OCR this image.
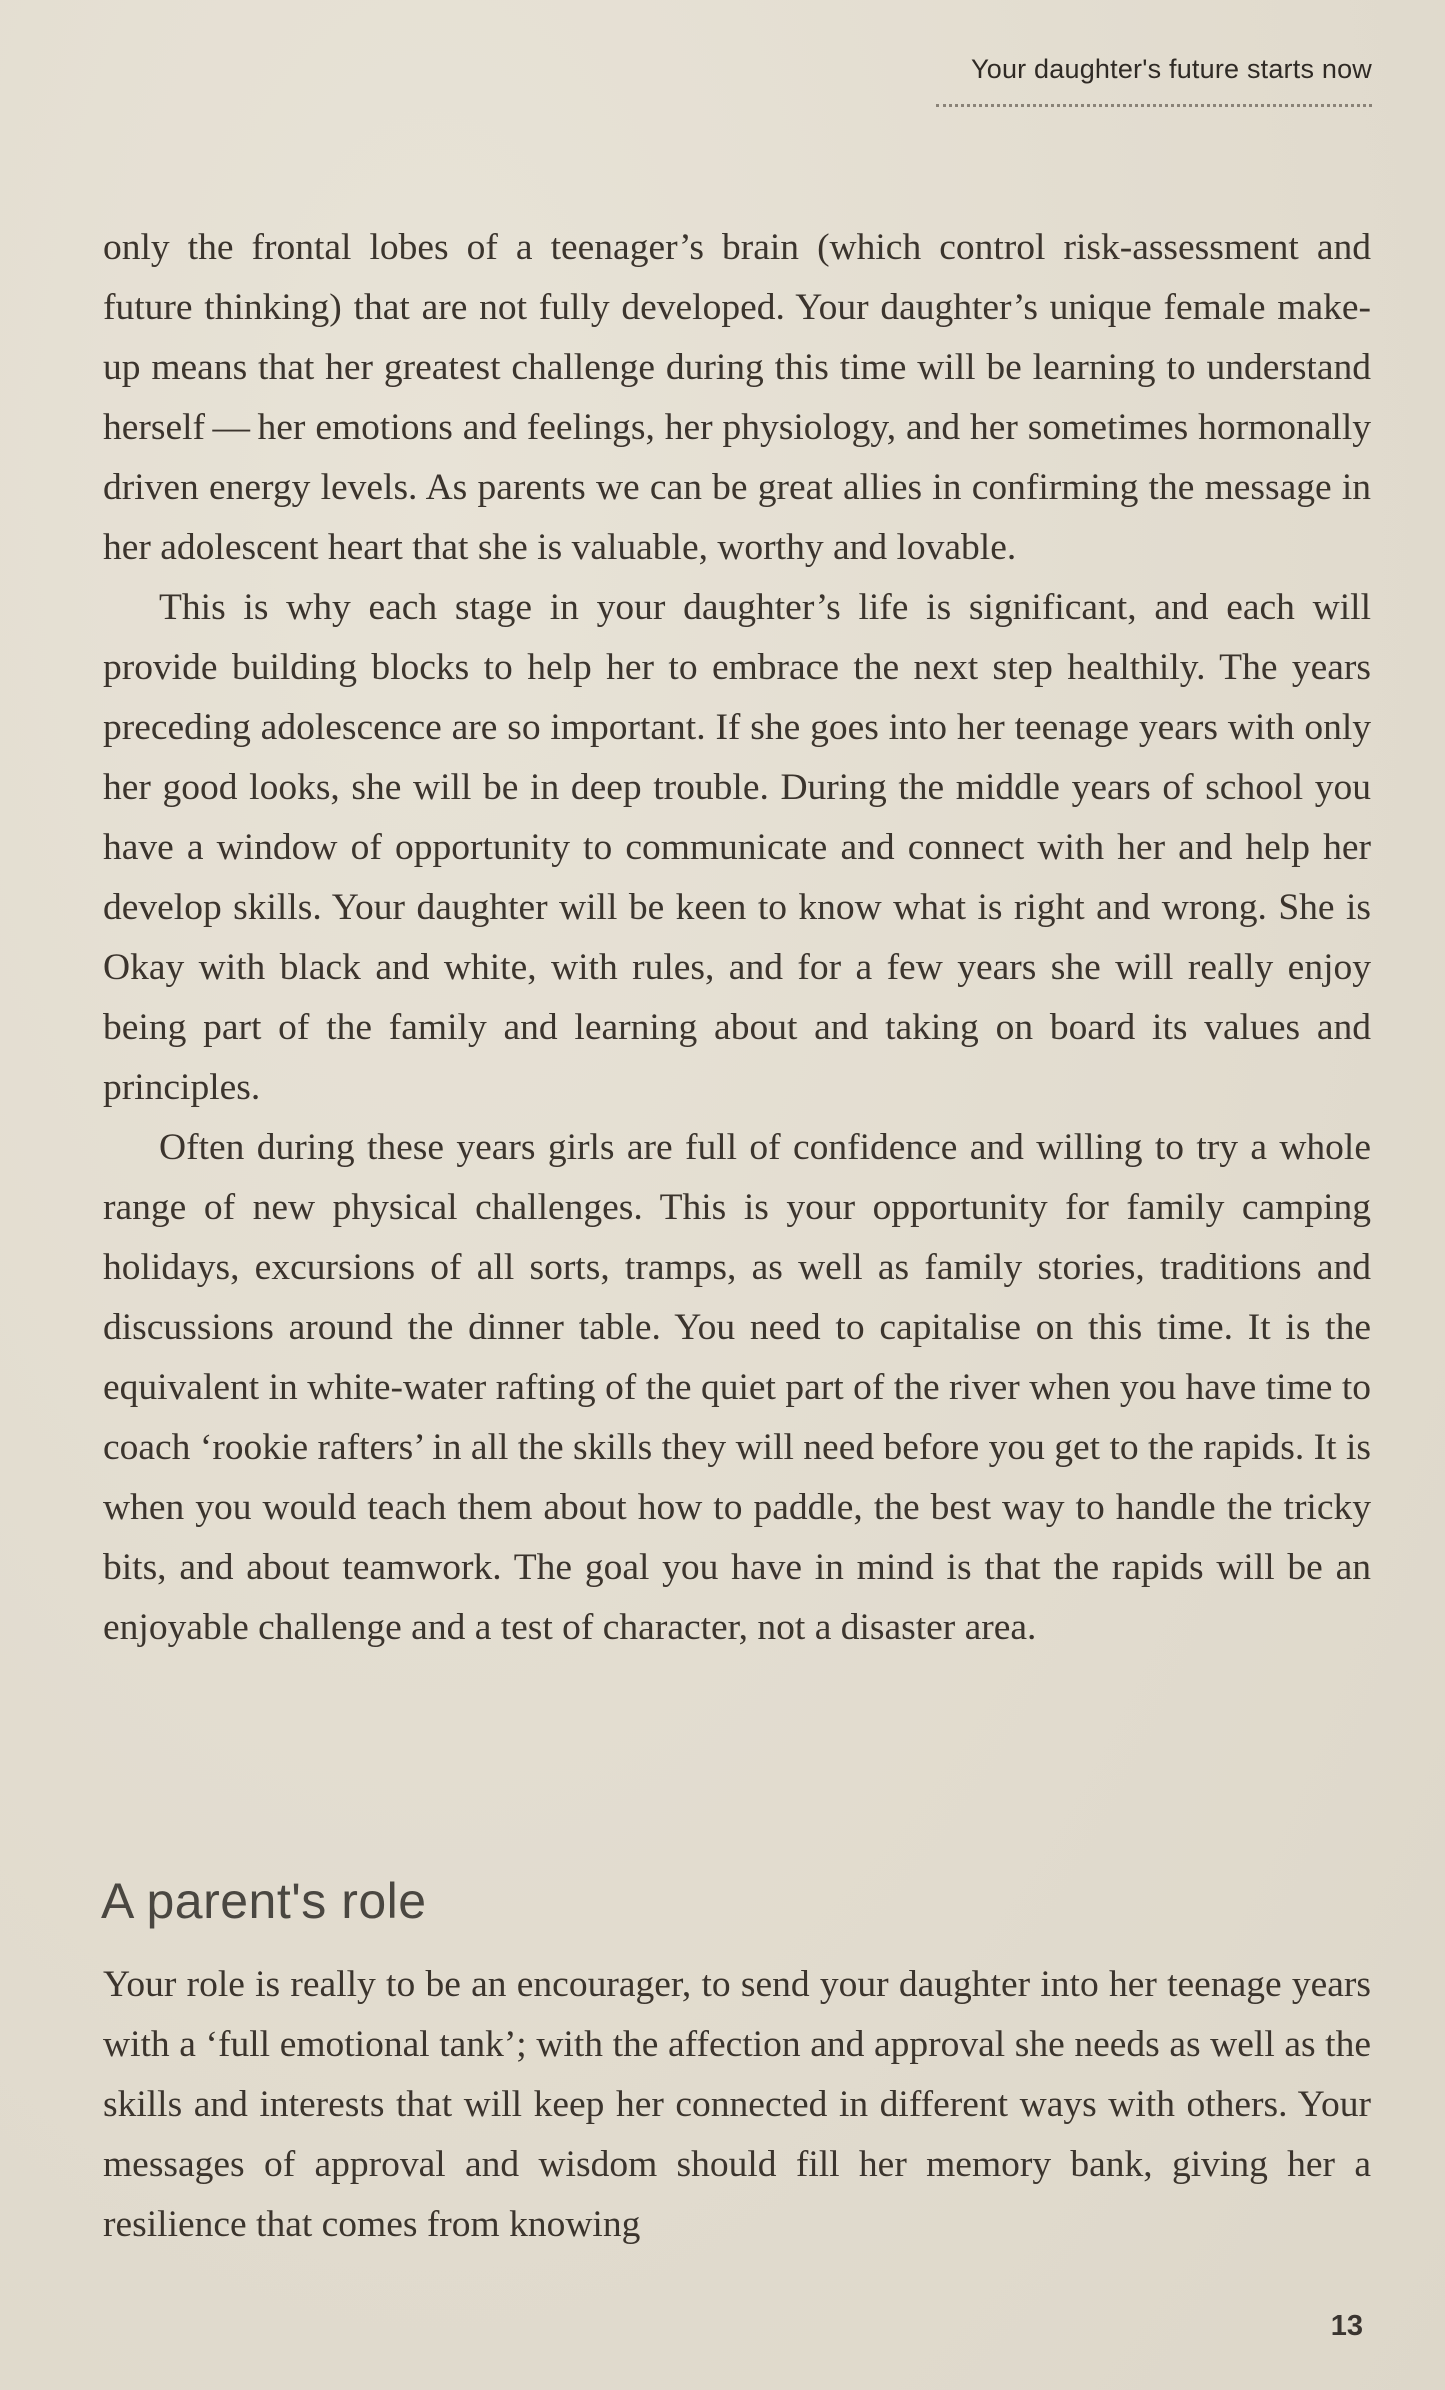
Your daughter's future starts now

only the frontal lobes of a teenager’s brain (which control risk-assessment and future thinking) that are not fully developed. Your daughter’s unique female make-up means that her greatest challenge during this time will be learning to understand herself — her emotions and feelings, her physiology, and her sometimes hormonally driven energy levels. As parents we can be great allies in confirming the message in her adolescent heart that she is valuable, worthy and lovable.

This is why each stage in your daughter’s life is significant, and each will provide building blocks to help her to embrace the next step healthily. The years preceding adolescence are so important. If she goes into her teenage years with only her good looks, she will be in deep trouble. During the middle years of school you have a window of opportunity to communicate and connect with her and help her develop skills. Your daughter will be keen to know what is right and wrong. She is Okay with black and white, with rules, and for a few years she will really enjoy being part of the family and learning about and taking on board its values and principles.

Often during these years girls are full of confidence and willing to try a whole range of new physical challenges. This is your opportunity for family camping holidays, excursions of all sorts, tramps, as well as family stories, traditions and discussions around the dinner table. You need to capitalise on this time. It is the equivalent in white-water rafting of the quiet part of the river when you have time to coach ‘rookie rafters’ in all the skills they will need before you get to the rapids. It is when you would teach them about how to paddle, the best way to handle the tricky bits, and about teamwork. The goal you have in mind is that the rapids will be an enjoyable challenge and a test of character, not a disaster area.

A parent's role

Your role is really to be an encourager, to send your daughter into her teenage years with a ‘full emotional tank’; with the affection and approval she needs as well as the skills and interests that will keep her connected in different ways with others. Your messages of approval and wisdom should fill her memory bank, giving her a resilience that comes from knowing

13
